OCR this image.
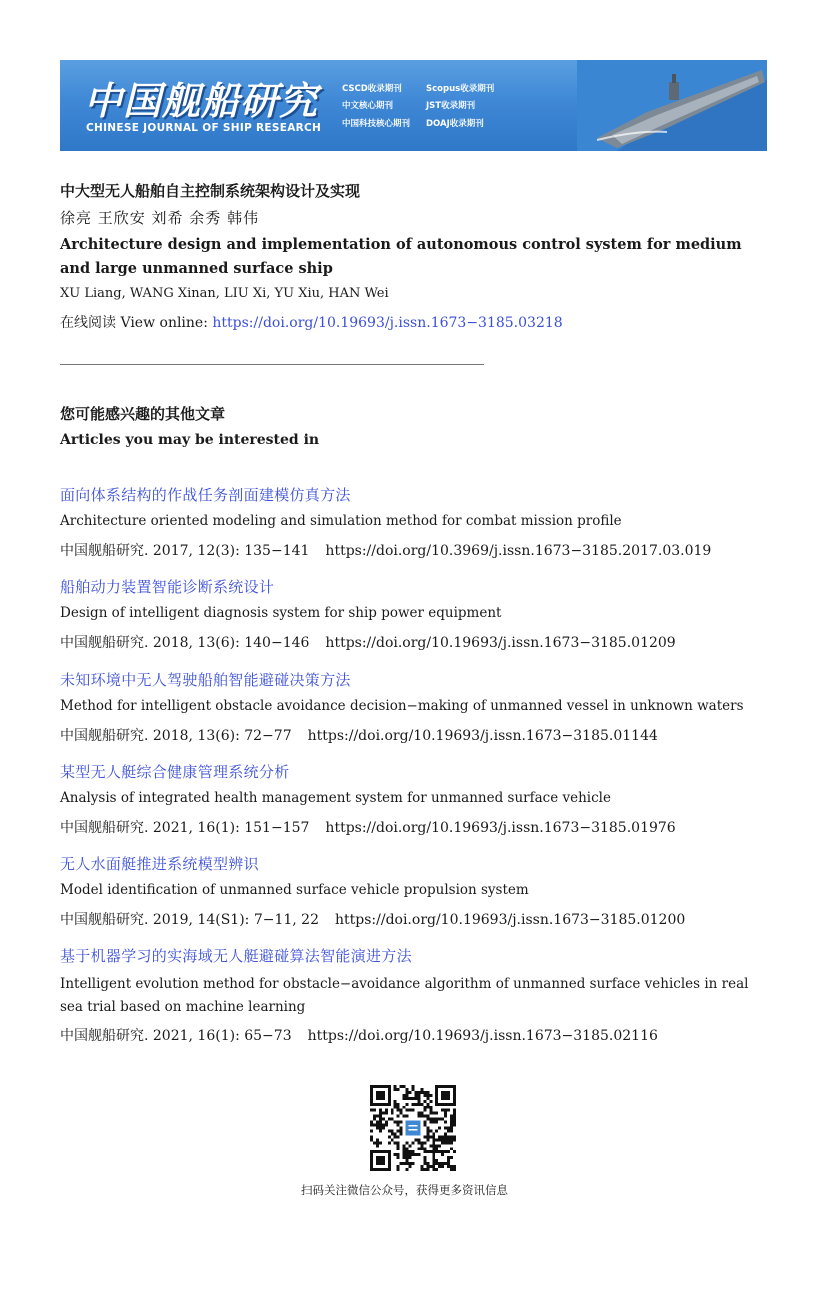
中国舰船研究
CHINESE JOURNAL OF SHIP RESEARCH
CSCD收录期刊	Scopus收录期刊
中文核心期刊	JST收录期刊
中国科技核心期刊 DOAJ收录期刊
中大型无人船舶自主控制系统架构设计及实现
徐亮 王欣安 刘希 余秀 韩伟
Architecture design and implementation of autonomous control system for medium and large unmanned surface ship
XU Liang, WANG Xinan, LIU Xi, YU Xiu, HAN Wei
在线阅读 View online: https://doi.org/10.19693/j.issn.1673−3185.03218
您可能感兴趣的其他文章
Articles you may be interested in
面向体系结构的作战任务剖面建模仿真方法
Architecture oriented modeling and simulation method for combat mission profile
中国舰船研究. 2017, 12(3): 135−141 https://doi.org/10.3969/j.issn.1673−3185.2017.03.019
船舶动力装置智能诊断系统设计
Design of intelligent diagnosis system for ship power equipment
中国舰船研究. 2018, 13(6): 140−146 https://doi.org/10.19693/j.issn.1673−3185.01209
未知环境中无人驾驶船舶智能避碰决策方法
Method for intelligent obstacle avoidance decision−making of unmanned vessel in unknown waters
中国舰船研究. 2018, 13(6): 72−77 https://doi.org/10.19693/j.issn.1673−3185.01144
某型无人艇综合健康管理系统分析
Analysis of integrated health management system for unmanned surface vehicle
中国舰船研究. 2021, 16(1): 151−157 https://doi.org/10.19693/j.issn.1673−3185.01976
无人水面艇推进系统模型辨识
Model identification of unmanned surface vehicle propulsion system
中国舰船研究. 2019, 14(S1): 7−11, 22 https://doi.org/10.19693/j.issn.1673−3185.01200
基于机器学习的实海域无人艇避碰算法智能演进方法
Intelligent evolution method for obstacle−avoidance algorithm of unmanned surface vehicles in real sea trial based on machine learning
中国舰船研究. 2021, 16(1): 65−73 https://doi.org/10.19693/j.issn.1673−3185.02116
扫码关注微信公众号，获得更多资讯信息
